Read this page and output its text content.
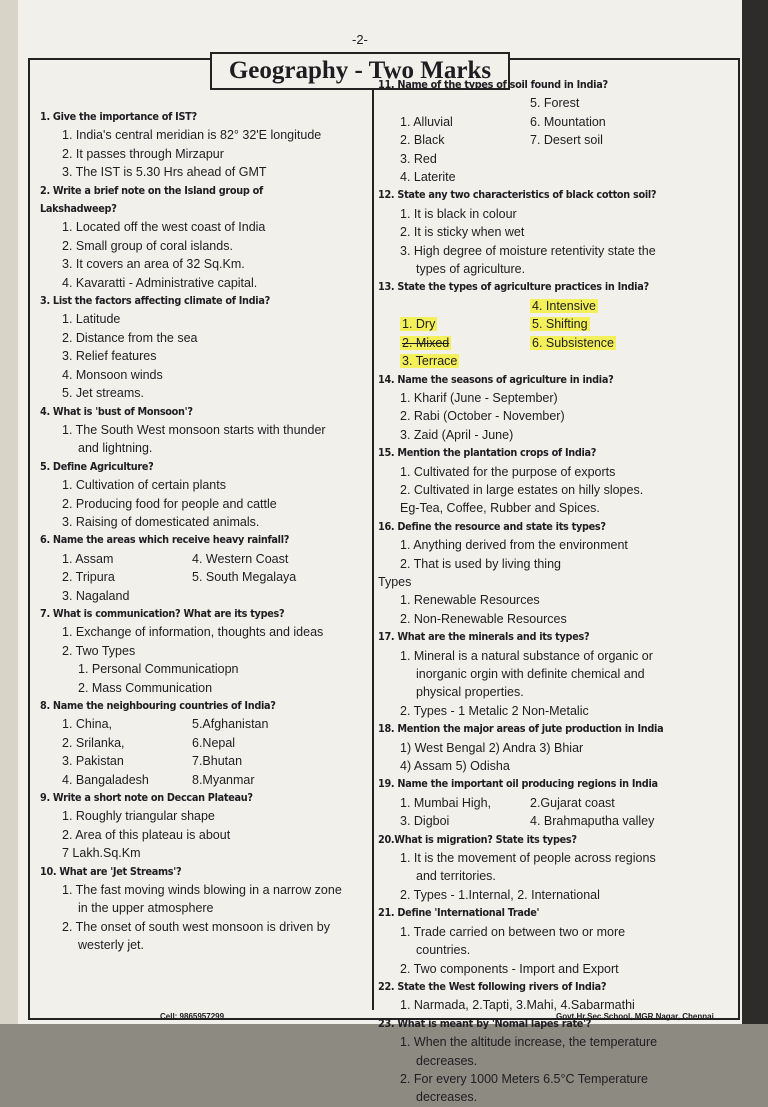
-2-
Geography - Two Marks
1. Give the importance of IST?
1. India's central meridian is 82° 32'E longitude
2. It passes through Mirzapur
3. The IST is 5.30 Hrs ahead of GMT
2. Write a brief note on the Island group of
Lakshadweep?
1. Located off the west coast of India
2. Small group of coral islands.
3. It covers an area of 32 Sq.Km.
4. Kavaratti - Administrative capital.
3. List the factors affecting climate of India?
1. Latitude
2. Distance from the sea
3. Relief features
4. Monsoon winds
5. Jet streams.
4. What is 'bust of Monsoon'?
1. The South West monsoon starts with thunder
and lightning.
5. Define Agriculture?
1. Cultivation of certain plants
2. Producing food for people and cattle
3. Raising of domesticated animals.
6. Name the areas which receive heavy rainfall?
1. Assam	4. Western Coast
2. Tripura	5. South Megalaya
3. Nagaland

7. What is communication? What are its types?
1. Exchange of information, thoughts and ideas
2. Two Types
1. Personal Communicatiopn
2. Mass Communication
8. Name the neighbouring countries of India?
1. China,	5.Afghanistan
2. Srilanka,	6.Nepal
3. Pakistan	7.Bhutan
4. Bangaladesh	8.Myanmar
9. Write a short note on Deccan Plateau?
1. Roughly triangular shape
2. Area of this plateau is about
7 Lakh.Sq.Km
10. What are 'Jet Streams'?
1. The fast moving winds blowing in a narrow zone
in the upper atmosphere
2. The onset of south west monsoon is driven by
westerly jet.
11. Name of the types of soil found in India?

5. Forest
1. Alluvial	6. Mountation
2. Black	7. Desert soil
3. Red

4. Laterite

12. State any two characteristics of black cotton soil?
1. It is black in colour
2. It is sticky when wet
3. High degree of moisture retentivity state the
types of agriculture.
13. State the types of agriculture practices in India?

4. Intensive
1. Dry	5. Shifting
2. Mixed	6. Subsistence
3. Terrace

14. Name the seasons of agriculture in india?
1. Kharif (June - September)
2. Rabi (October - November)
3. Zaid (April - June)
15. Mention the plantation crops of India?
1. Cultivated for the purpose of exports
2. Cultivated in large estates on hilly slopes.
Eg-Tea, Coffee, Rubber and Spices.
16. Define the resource and state its types?
1. Anything derived from the environment
2. That is used by living thing
Types
1. Renewable Resources
2. Non-Renewable Resources
17. What are the minerals and its types?
1. Mineral is a natural substance of organic or
inorganic orgin with definite chemical and
physical properties.
2. Types - 1 Metalic 2 Non-Metalic
18. Mention the major areas of jute production in India
1) West Bengal 2) Andra 3) Bhiar
4) Assam 5) Odisha
19. Name the important oil producing regions in India
1. Mumbai High,	2.Gujarat coast
3. Digboi	4. Brahmaputha valley
20.What is migration? State its types?
1. It is the movement of people across regions
and territories.
2. Types - 1.Internal, 2. International
21. Define 'International Trade'
1. Trade carried on between two or more
countries.
2. Two components - Import and Export
22. State the West following rivers of India?
1. Narmada, 2.Tapti, 3.Mahi, 4.Sabarmathi
23. What is meant by 'Nomal lapes rate'?
1. When the altitude increase, the temperature
decreases.
2. For every 1000 Meters 6.5°C Temperature
decreases.
Cell: 9865957299	Govt.Hr.Sec.School, MGR Nagar, Chennai
